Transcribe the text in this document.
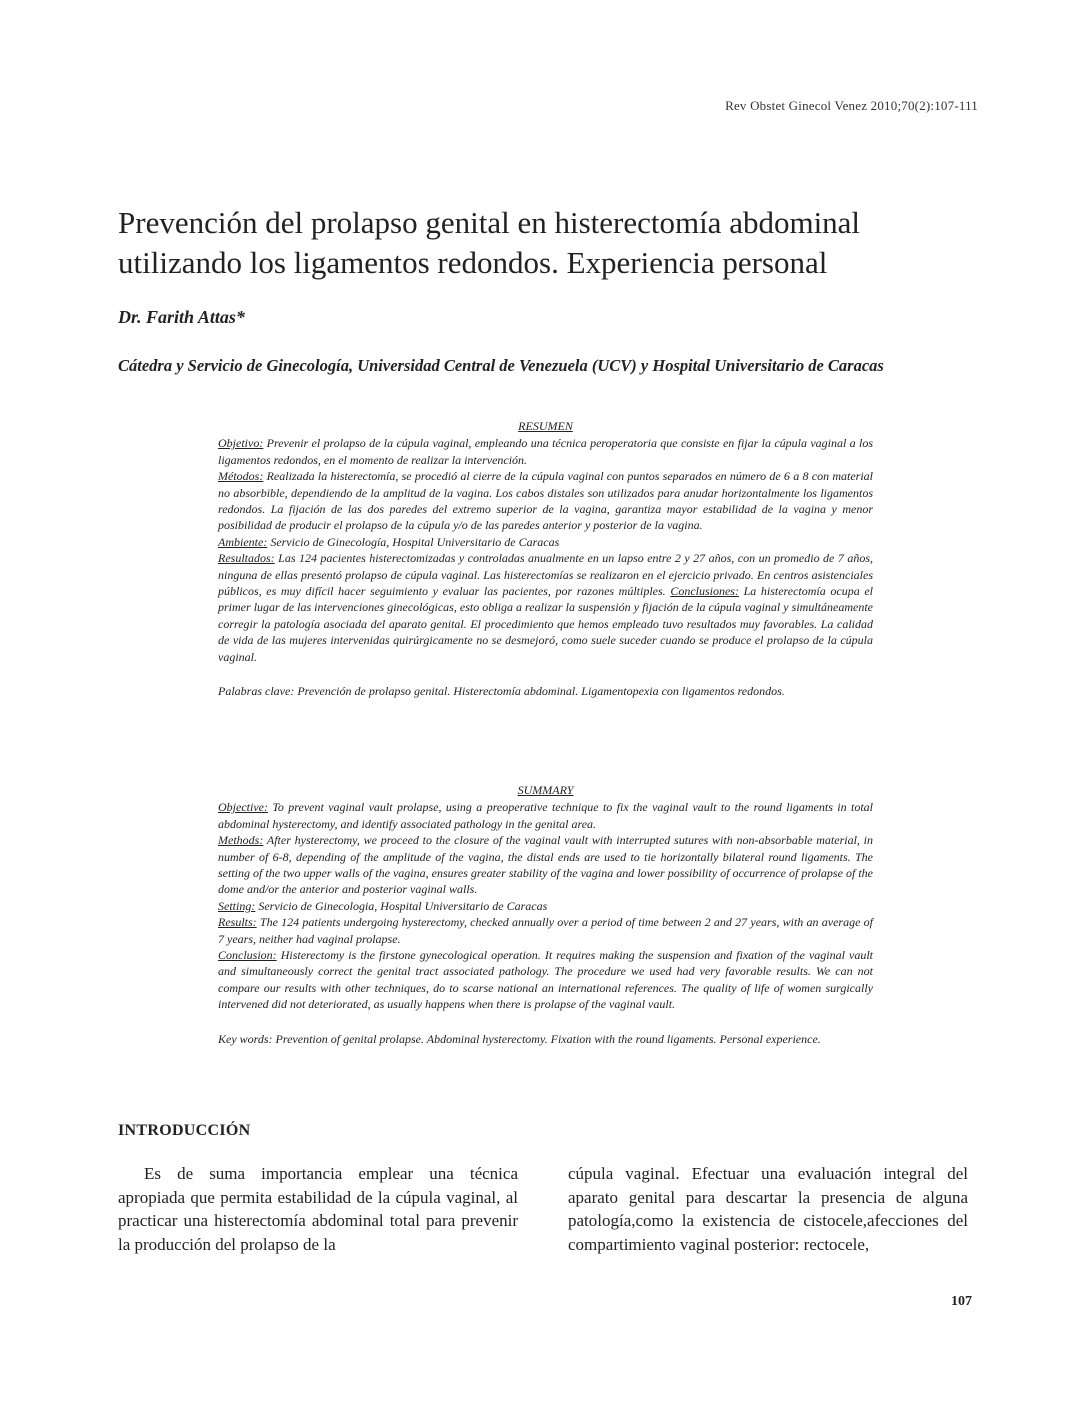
Rev Obstet Ginecol Venez 2010;70(2):107-111
Prevención del prolapso genital en histerectomía abdominal
utilizando los ligamentos redondos. Experiencia personal
Dr. Farith Attas*
Cátedra y Servicio de Ginecología, Universidad Central de Venezuela (UCV) y Hospital Universitario de Caracas
RESUMEN

Objetivo: Prevenir el prolapso de la cúpula vaginal, empleando una técnica peroperatoria que consiste en fijar la cúpula vaginal a los ligamentos redondos, en el momento de realizar la intervención.

Métodos: Realizada la histerectomía, se procedió al cierre de la cúpula vaginal con puntos separados en número de 6 a 8 con material no absorbible, dependiendo de la amplitud de la vagina. Los cabos distales son utilizados para anudar horizontalmente los ligamentos redondos. La fijación de las dos paredes del extremo superior de la vagina, garantiza mayor estabilidad de la vagina y menor posibilidad de producir el prolapso de la cúpula y/o de las paredes anterior y posterior de la vagina.

Ambiente: Servicio de Ginecología, Hospital Universitario de Caracas

Resultados: Las 124 pacientes histerectomizadas y controladas anualmente en un lapso entre 2 y 27 años, con un promedio de 7 años, ninguna de ellas presentó prolapso de cúpula vaginal. Las histerectomías se realizaron en el ejercicio privado. En centros asistenciales públicos, es muy difícil hacer seguimiento y evaluar las pacientes, por razones múltiples. Conclusiones: La histerectomía ocupa el primer lugar de las intervenciones ginecológicas, esto obliga a realizar la suspensión y fijación de la cúpula vaginal y simultáneamente corregir la patología asociada del aparato genital. El procedimiento que hemos empleado tuvo resultados muy favorables. La calidad de vida de las mujeres intervenidas quirúrgicamente no se desmejoró, como suele suceder cuando se produce el prolapso de la cúpula vaginal.

Palabras clave: Prevención de prolapso genital. Histerectomía abdominal. Ligamentopexia con ligamentos redondos.

SUMMARY

Objective: To prevent vaginal vault prolapse, using a preoperative technique to fix the vaginal vault to the round ligaments in total abdominal hysterectomy, and identify associated pathology in the genital area.

Methods: After hysterectomy, we proceed to the closure of the vaginal vault with interrupted sutures with non-absorbable material, in number of 6-8, depending of the amplitude of the vagina, the distal ends are used to tie horizontally bilateral round ligaments. The setting of the two upper walls of the vagina, ensures greater stability of the vagina and lower possibility of occurrence of prolapse of the dome and/or the anterior and posterior vaginal walls.

Setting: Servicio de Ginecologia, Hospital Universitario de Caracas

Results: The 124 patients undergoing hysterectomy, checked annually over a period of time between 2 and 27 years, with an average of 7 years, neither had vaginal prolapse.

Conclusion: Histerectomy is the firstone gynecological operation. It requires making the suspension and fixation of the vaginal vault and simultaneously correct the genital tract associated pathology. The procedure we used had very favorable results. We can not compare our results with other techniques, do to scarse national an international references. The quality of life of women surgically intervened did not deteriorated, as usually happens when there is prolapse of the vaginal vault.

Key words: Prevention of genital prolapse. Abdominal hysterectomy. Fixation with the round ligaments. Personal experience.

INTRODUCCIÓN
Es de suma importancia emplear una técnica apropiada que permita estabilidad de la cúpula vaginal, al practicar una histerectomía abdominal total para prevenir la producción del prolapso de la
cúpula vaginal. Efectuar una evaluación integral del aparato genital para descartar la presencia de alguna patología,como la existencia de cistocele,afecciones del compartimiento vaginal posterior: rectocele,
107
